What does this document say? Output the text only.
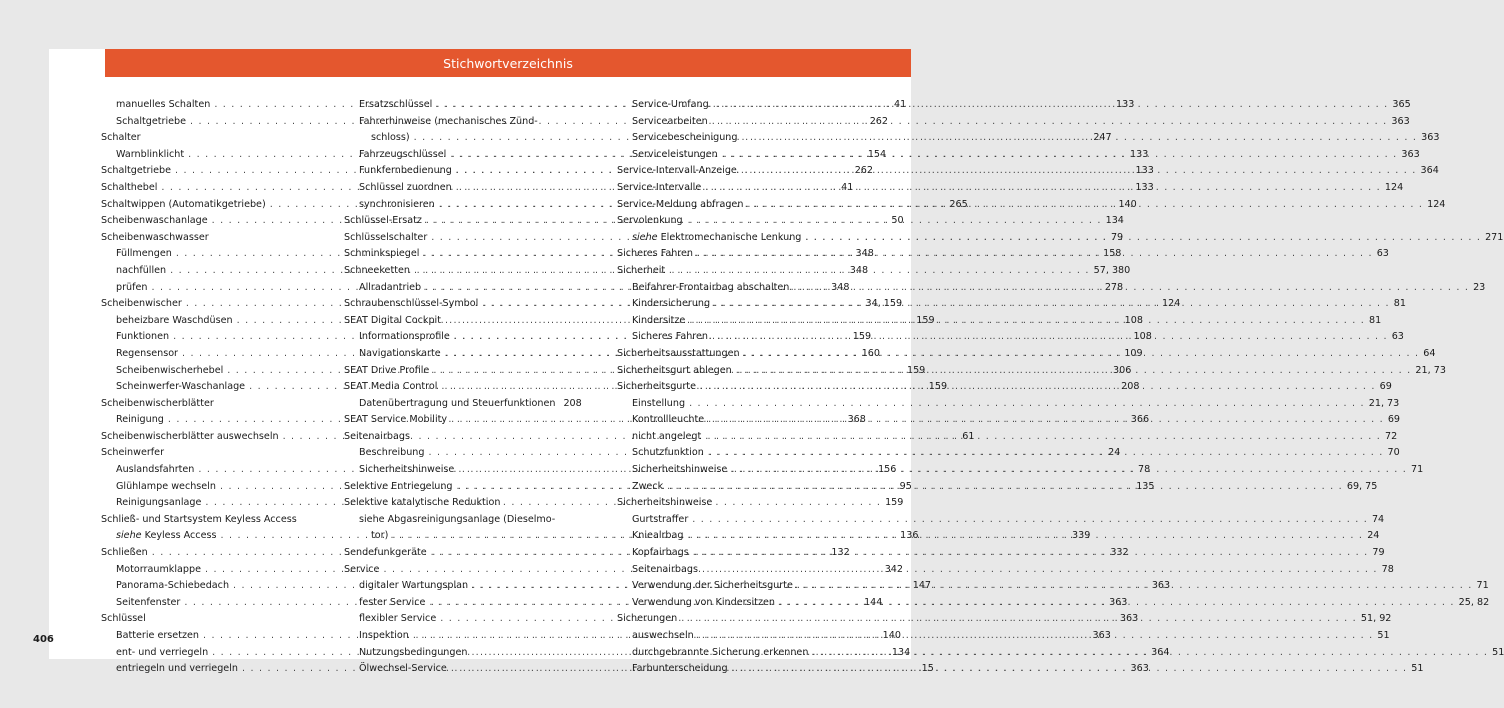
Stichwortverzeichnis
manuelles Schalten . . .	41
Schaltgetriebe . . .	262
Schalter
Warnblinklicht . . .	154
Schaltgetriebe . . .	262
Schalthebel . . .	41
Schaltwippen (Automatikgetriebe) . . .	265
Scheibenwaschanlage . . .	50
Scheibenwaschwasser
Füllmengen . . .	348
nachfüllen . . .	348
prüfen . . .	348
Scheibenwischer . . .	34, 159
beheizbare Waschdüsen . . .	159
Funktionen . . .	159
Regensensor . . .	160
Scheibenwischerhebel . . .	159
Scheinwerfer-Waschanlage . . .	159
Scheibenwischerblätter
Reinigung . . .	368
Scheibenwischerblätter auswechseln . . .	61
Scheinwerfer
Auslandsfahrten . . .	156
Glühlampe wechseln . . .	95
Reinigungsanlage . . .	159
Schließ- und Startsystem Keyless Access
siehe Keyless Access . . .	136
Schließen . . .	132
Motorraumklappe . . .	342
Panorama-Schiebedach . . .	147
Seitenfenster . . .	144
Schlüssel
Batterie ersetzen . . .	140
ent- und verriegeln . . .	134
entriegeln und verriegeln . . .	15
Ersatzschlüssel . . .	133
Fahrerhinweise (mechanisches Zünd-
schloss) . . .	247
Fahrzeugschlüssel . . .	133
Funkfernbedienung . . .	133
Schlüssel zuordnen . . .	133
synchronisieren . . .	140
Schlüssel-Ersatz . . .	134
Schlüsselschalter . . .	79
Schminkspiegel . . .	158
Schneeketten . . .	57, 380
Allradantrieb . . .	278
Schraubenschlüssel-Symbol . . .	124
SEAT Digital Cockpit . . .	108
Informationsprofile . . .	108
Navigationskarte . . .	109
SEAT Drive Profile . . .	306
SEAT Media Control . . .	208
Datenübertragung und Steuerfunktionen 208
SEAT Service Mobility . . .	366
Seitenairbags
Beschreibung . . .	24
Sicherheitshinweise . . .	78
Selektive Entriegelung . . .	135
Selektive katalytische Reduktion
siehe Abgasreinigungsanlage (Dieselmo-
tor) . . .	339
Sendefunkgeräte . . .	332
Service
digitaler Wartungsplan . . .	363
fester Service . . .	363
flexibler Service . . .	363
Inspektion . . .	363
Nutzungsbedingungen . . .	364
Ölwechsel-Service . . .	363
Service-Umfang . . .	365
Servicearbeiten . . .	363
Servicebescheinigung . . .	363
Serviceleistungen . . .	363
Service-Intervall-Anzeige . . .	364
Service-Intervalle . . .	124
Service-Meldung abfragen . . .	124
Servolenkung
siehe Elektromechanische Lenkung . . .	271
Sicheres Fahren . . .	63
Sicherheit
Beifahrer-Frontairbag abschalten . . .	23
Kindersicherung . . .	81
Kindersitze . . .	81
Sicheres Fahren . . .	63
Sicherheitsausstattungen . . .	64
Sicherheitsgurt ablegen . . .	21, 73
Sicherheitsgurte . . .	69
Einstellung . . .	21, 73
Kontrollleuchte . . .	69
nicht angelegt . . .	72
Schutzfunktion . . .	70
Sicherheitshinweise . . .	71
Zweck . . .	69, 75
Sicherheitshinweise
Gurtstraffer . . .	74
Kniealrbag . . .	24
Kopfairbags . . .	79
Seitenairbags . . .	78
Verwendung der Sicherheitsgurte . . .	71
Verwendung von Kindersitzen . . .	25, 82
Sicherungen . . .	51, 92
auswechseln . . .	51
durchgebrannte Sicherung erkennen . . .	51
Farbunterscheidung . . .	51
406
